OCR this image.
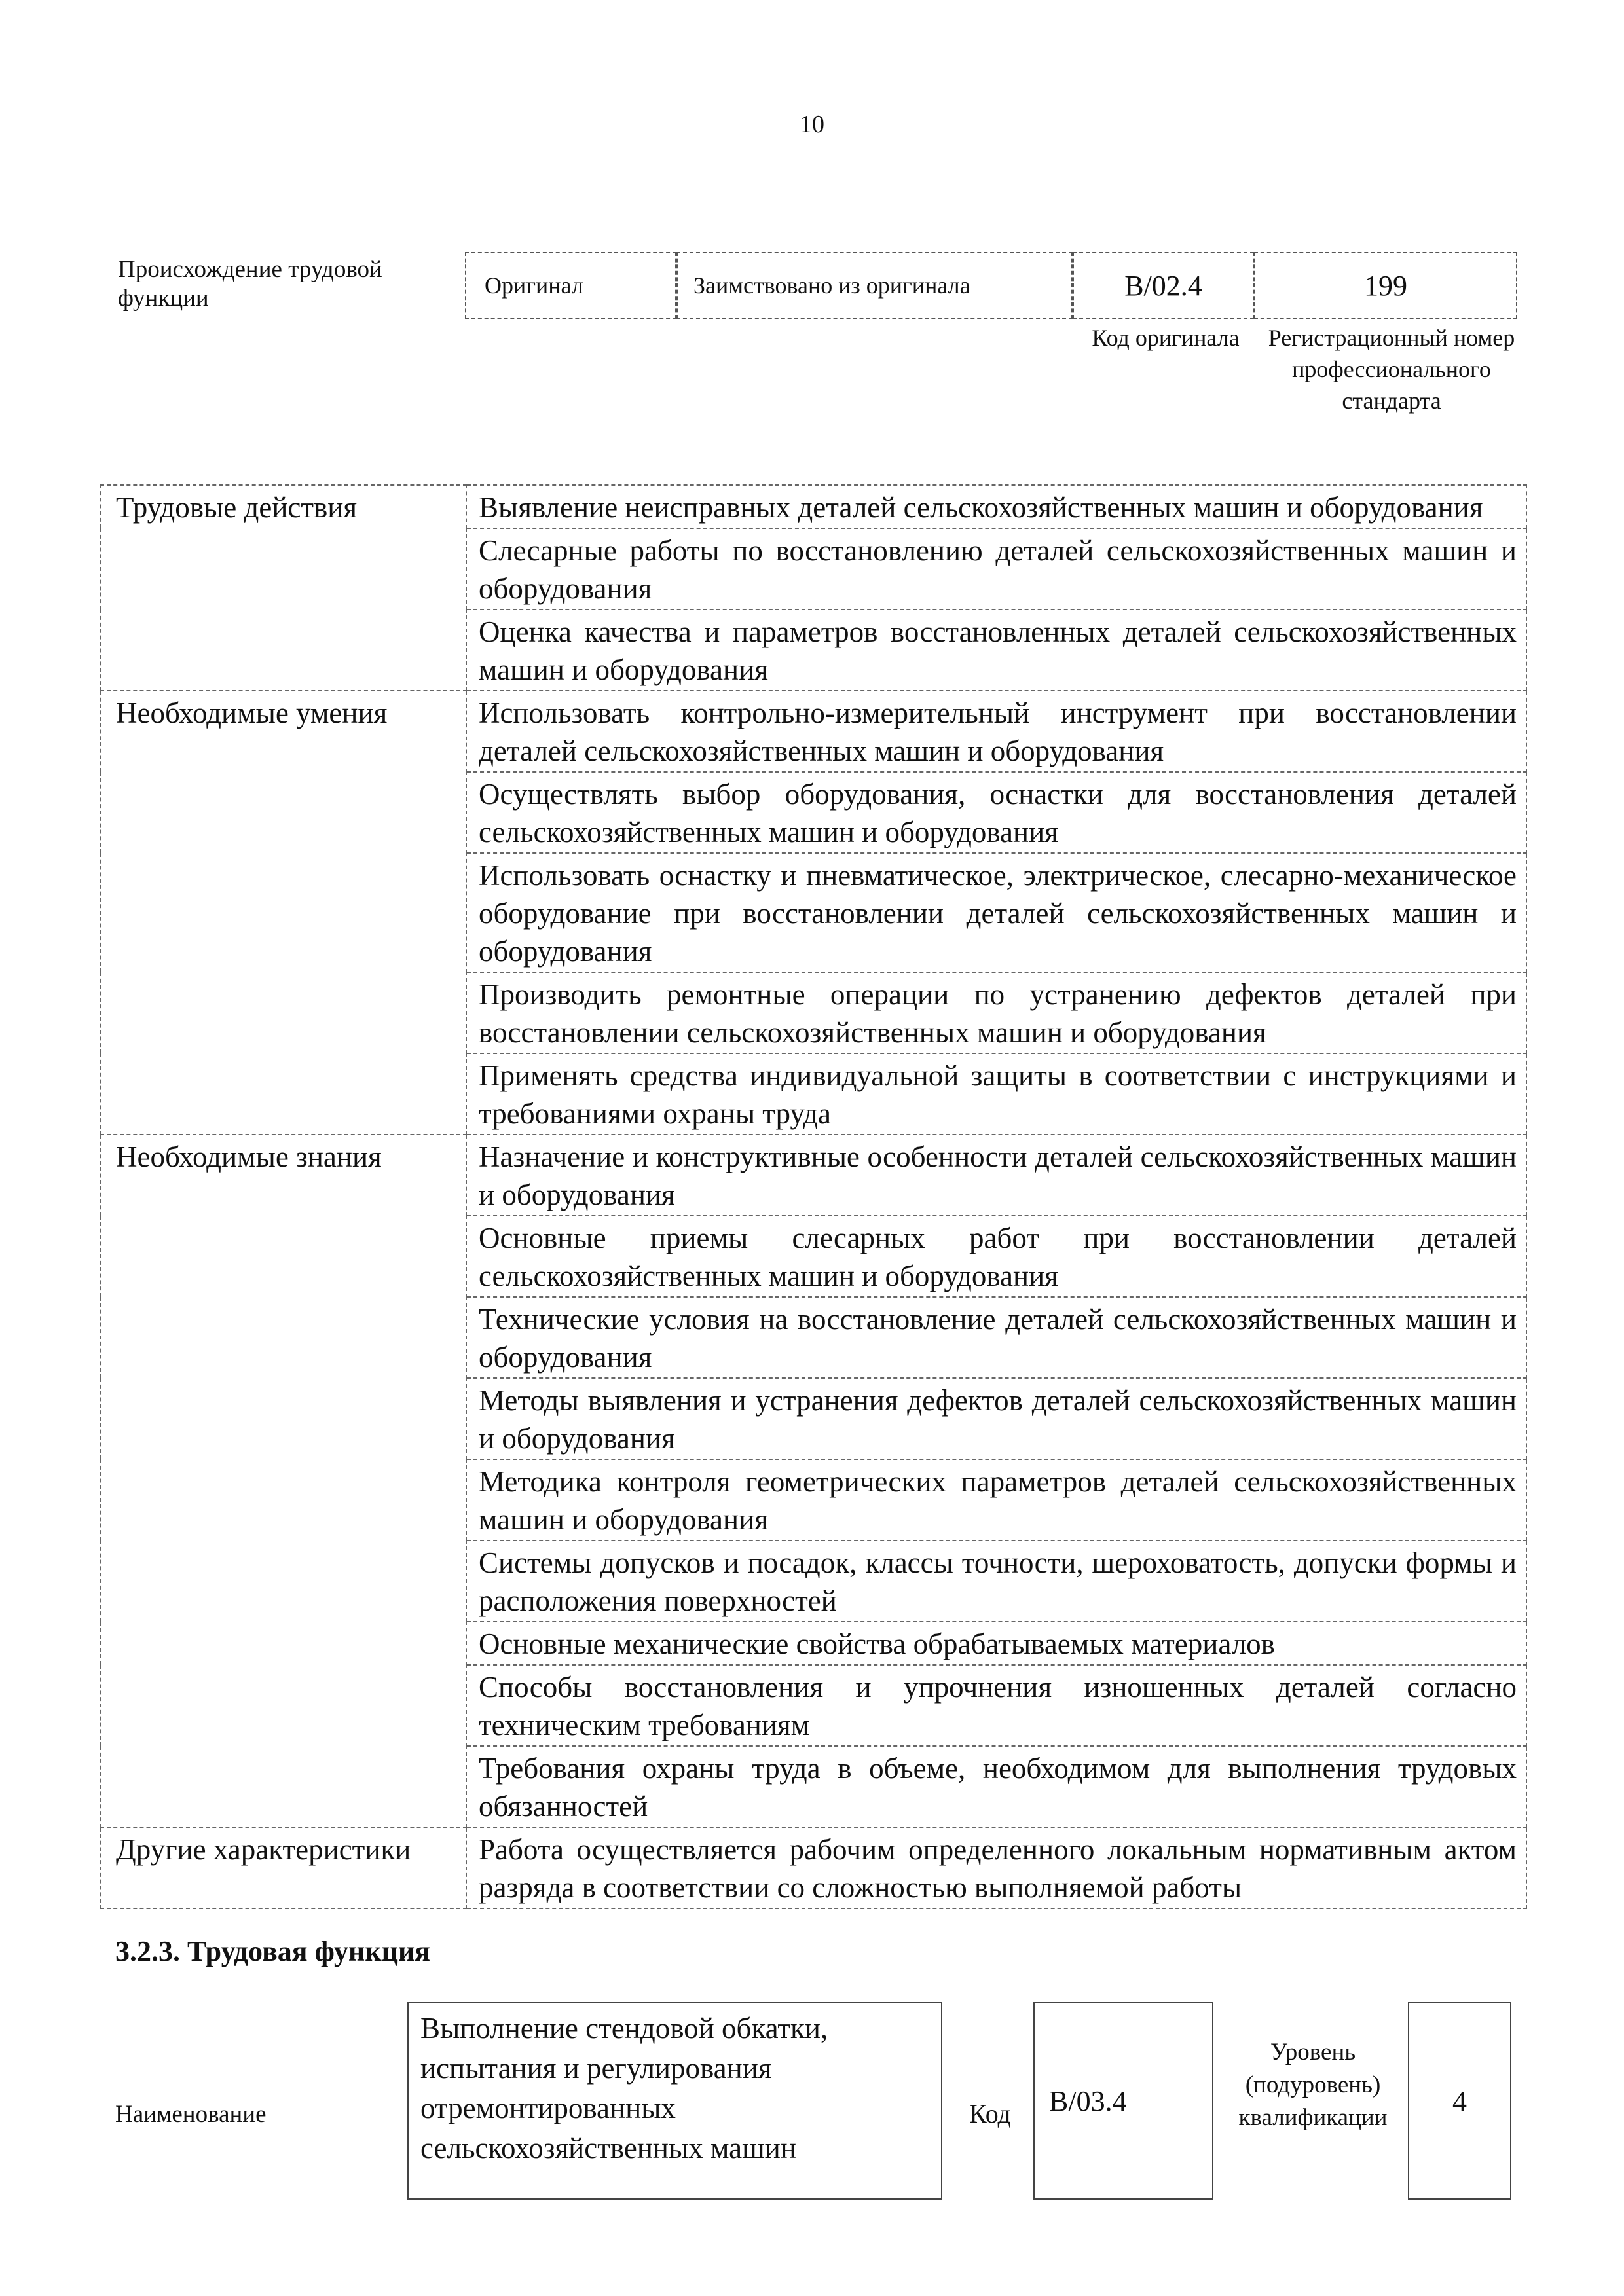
10
Происхождение трудовой функции	Оригинал	Заимствовано из оригинала	В/02.4	199
Код оригинала	Регистрационный номер профессионального стандарта
Трудовые действия	Выявление неисправных деталей сельскохозяйственных машин и оборудования
	Слесарные работы по восстановлению деталей сельскохозяйственных машин и оборудования
	Оценка качества и параметров восстановленных деталей сельскохозяйственных машин и оборудования
Необходимые умения	Использовать контрольно-измерительный инструмент при восстановлении деталей сельскохозяйственных машин и оборудования
	Осуществлять выбор оборудования, оснастки для восстановления деталей сельскохозяйственных машин и оборудования
	Использовать оснастку и пневматическое, электрическое, слесарно-механическое оборудование при восстановлении деталей сельскохозяйственных машин и оборудования
	Производить ремонтные операции по устранению дефектов деталей при восстановлении сельскохозяйственных машин и оборудования
	Применять средства индивидуальной защиты в соответствии с инструкциями и требованиями охраны труда
Необходимые знания	Назначение и конструктивные особенности деталей сельскохозяйственных машин и оборудования
	Основные приемы слесарных работ при восстановлении деталей сельскохозяйственных машин и оборудования
	Технические условия на восстановление деталей сельскохозяйственных машин и оборудования
	Методы выявления и устранения дефектов деталей сельскохозяйственных машин и оборудования
	Методика контроля геометрических параметров деталей сельскохозяйственных машин и оборудования
	Системы допусков и посадок, классы точности, шероховатость, допуски формы и расположения поверхностей
	Основные механические свойства обрабатываемых материалов
	Способы восстановления и упрочнения изношенных деталей согласно техническим требованиям
	Требования охраны труда в объеме, необходимом для выполнения трудовых обязанностей
Другие характеристики	Работа осуществляется рабочим определенного локальным нормативным актом разряда в соответствии со сложностью выполняемой работы
3.2.3. Трудовая функция
Наименование
Выполнение стендовой обкатки, испытания и регулирования отремонтированных сельскохозяйственных машин
Код В/03.4
Уровень (подуровень) квалификации
4
